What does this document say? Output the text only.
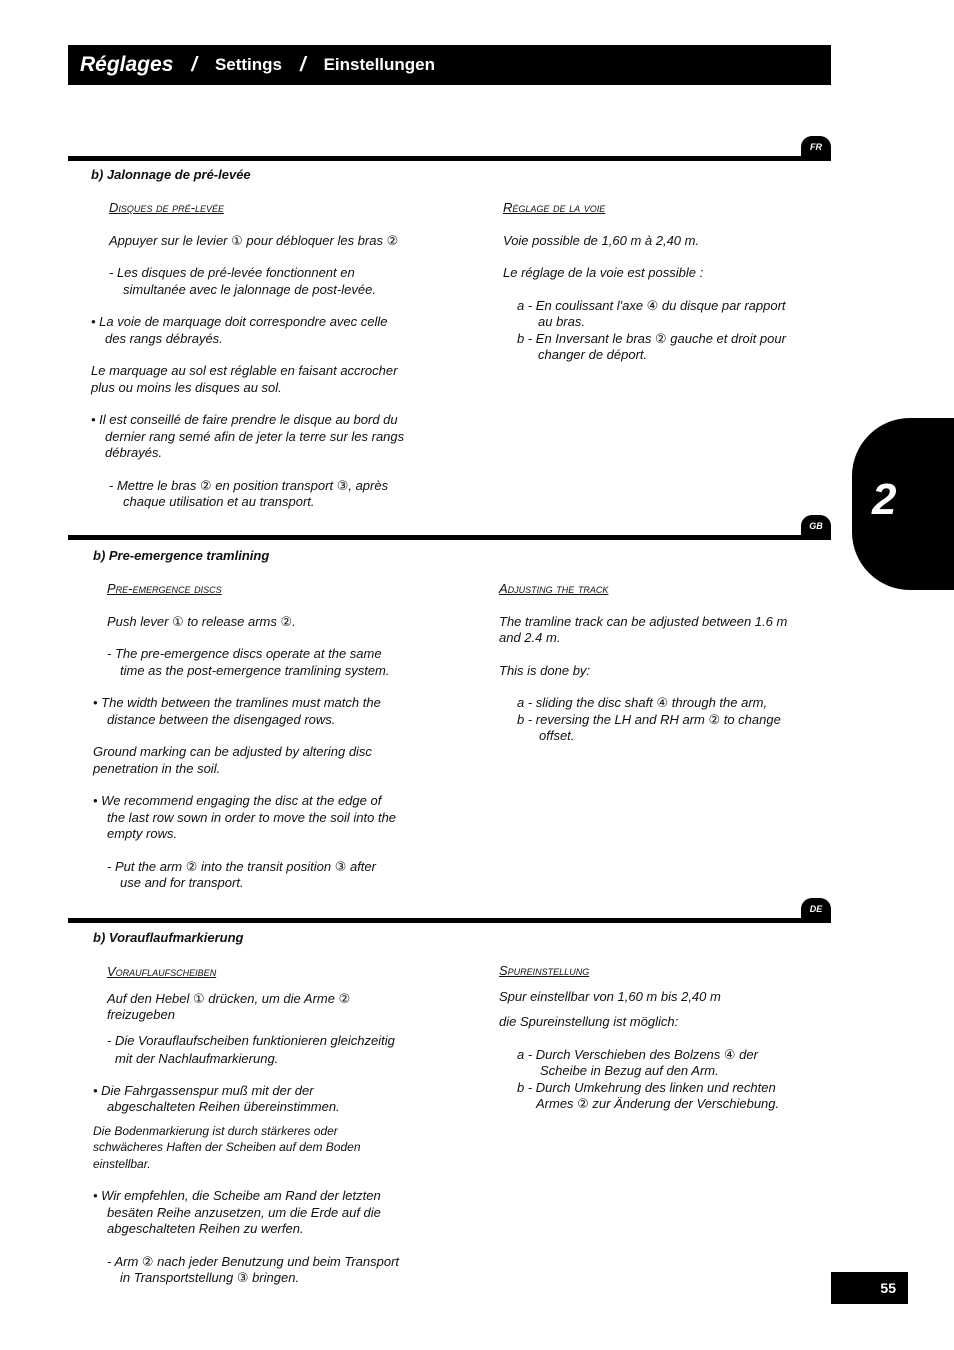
Réglages / Settings / Einstellungen
2
FR
b) Jalonnage de pré-levée

Disques de pré-levée

Appuyer sur le levier ① pour débloquer les bras ②

- Les disques de pré-levée fonctionnent en

simultanée avec le jalonnage de post-levée.

• La voie de marquage doit correspondre avec celle

des rangs débrayés.

Le marquage au sol est réglable en faisant accrocher

plus ou moins les disques au sol.

• Il est conseillé de faire prendre le disque au bord du

dernier rang semé afin de jeter la terre sur les rangs

débrayés.

- Mettre le bras ② en position transport ③, après

chaque utilisation et au transport.

Réglage de la voie

Voie possible de 1,60 m à 2,40 m.

Le réglage de la voie est possible :

a - En coulissant l'axe ④ du disque par rapport

au bras.

b - En Inversant le bras ② gauche et droit pour

changer de déport.

GB
b) Pre-emergence tramlining

Pre-emergence discs

Push lever ① to release arms ②.

- The pre-emergence discs operate at the same

time as the post-emergence tramlining system.

• The width between the tramlines must match the

distance between the disengaged rows.

Ground marking can be adjusted by altering disc

penetration in the soil.

• We recommend engaging the disc at the edge of

the last row sown in order to move the soil into the

empty rows.

- Put the arm ② into the transit position ③ after

use and for transport.

Adjusting the track

The tramline track can be adjusted between 1.6 m

and 2.4 m.

This is done by:

a - sliding the disc shaft ④ through the arm,

b - reversing the LH and RH arm ② to change

offset.

DE
b) Vorauflaufmarkierung

Vorauflaufscheiben

Auf den Hebel ① drücken, um die Arme ②

freizugeben

- Die Vorauflaufscheiben funktionieren gleichzeitig

mit der Nachlaufmarkierung.

• Die Fahrgassenspur muß mit der der

abgeschalteten Reihen übereinstimmen.

Die Bodenmarkierung ist durch stärkeres oder

schwächeres Haften der Scheiben auf dem Boden

einstellbar.

• Wir empfehlen, die Scheibe am Rand der letzten

besäten Reihe anzusetzen, um die Erde auf die

abgeschalteten Reihen zu werfen.

- Arm ② nach jeder Benutzung und beim Transport

in Transportstellung ③ bringen.

Spureinstellung

Spur einstellbar von 1,60 m bis 2,40 m

die Spureinstellung ist möglich:

a - Durch Verschieben des Bolzens ④ der

Scheibe in Bezug auf den Arm.

b - Durch Umkehrung des linken und rechten

Armes ② zur Änderung der Verschiebung.

55
